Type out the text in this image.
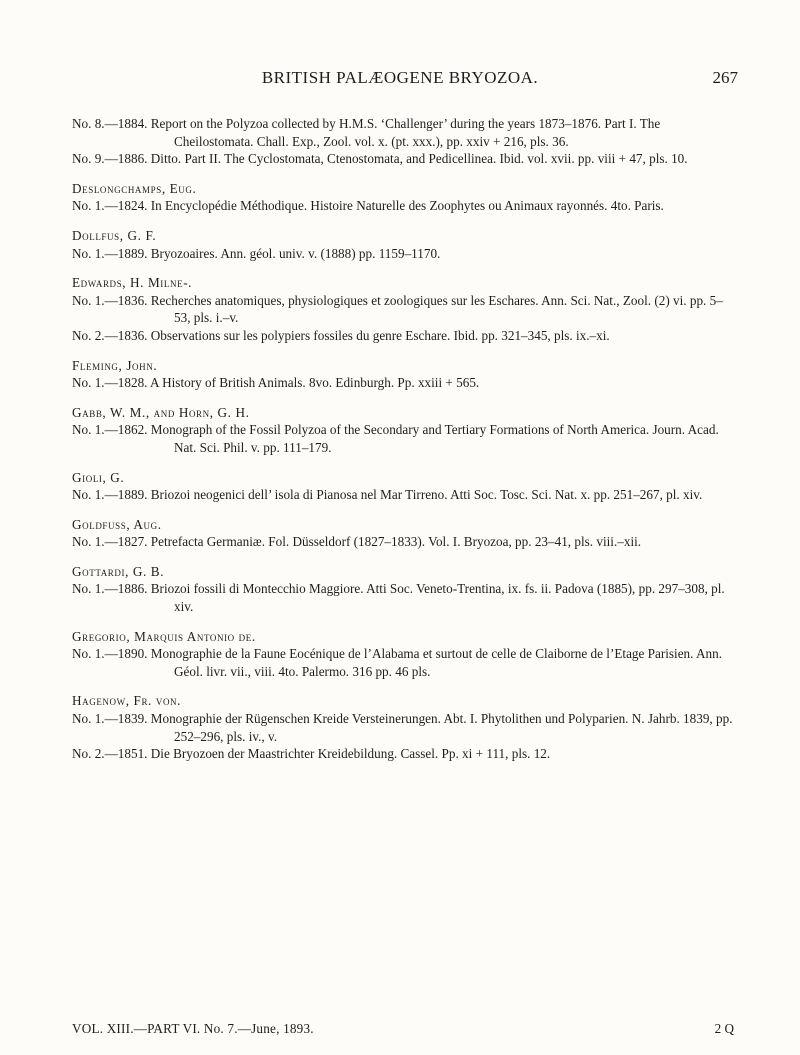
BRITISH PALÆOGENE BRYOZOA.	267
No. 8.—1884. Report on the Polyzoa collected by H.M.S. ‘Challenger’ during the years 1873–1876. Part I. The Cheilostomata. Chall. Exp., Zool. vol. x. (pt. xxx.), pp. xxiv + 216, pls. 36.
No. 9.—1886. Ditto. Part II. The Cyclostomata, Ctenostomata, and Pedicellinea. Ibid. vol. xvii. pp. viii + 47, pls. 10.
Deslongchamps, Eug.
No. 1.—1824. In Encyclopédie Méthodique. Histoire Naturelle des Zoophytes ou Animaux rayonnés. 4to. Paris.
Dollfus, G. F.
No. 1.—1889. Bryozoaires. Ann. géol. univ. v. (1888) pp. 1159–1170.
Edwards, H. Milne-.
No. 1.—1836. Recherches anatomiques, physiologiques et zoologiques sur les Eschares. Ann. Sci. Nat., Zool. (2) vi. pp. 5–53, pls. i.–v.
No. 2.—1836. Observations sur les polypiers fossiles du genre Eschare. Ibid. pp. 321–345, pls. ix.–xi.
Fleming, John.
No. 1.—1828. A History of British Animals. 8vo. Edinburgh. Pp. xxiii + 565.
Gabb, W. M., and Horn, G. H.
No. 1.—1862. Monograph of the Fossil Polyzoa of the Secondary and Tertiary Formations of North America. Journ. Acad. Nat. Sci. Phil. v. pp. 111–179.
Gioli, G.
No. 1.—1889. Briozoi neogenici dell’ isola di Pianosa nel Mar Tirreno. Atti Soc. Tosc. Sci. Nat. x. pp. 251–267, pl. xiv.
Goldfuss, Aug.
No. 1.—1827. Petrefacta Germaniæ. Fol. Düsseldorf (1827–1833). Vol. I. Bryozoa, pp. 23–41, pls. viii.–xii.
Gottardi, G. B.
No. 1.—1886. Briozoi fossili di Montecchio Maggiore. Atti Soc. Veneto-Trentina, ix. fs. ii. Padova (1885), pp. 297–308, pl. xiv.
Gregorio, Marquis Antonio de.
No. 1.—1890. Monographie de la Faune Eocénique de l’Alabama et surtout de celle de Claiborne de l’Etage Parisien. Ann. Géol. livr. vii., viii. 4to. Palermo. 316 pp. 46 pls.
Hagenow, Fr. von.
No. 1.—1839. Monographie der Rügenschen Kreide Versteinerungen. Abt. I. Phytolithen und Polyparien. N. Jahrb. 1839, pp. 252–296, pls. iv., v.
No. 2.—1851. Die Bryozoen der Maastrichter Kreidebildung. Cassel. Pp. xi + 111, pls. 12.
VOL. XIII.—PART VI. No. 7.—June, 1893.	2 Q
